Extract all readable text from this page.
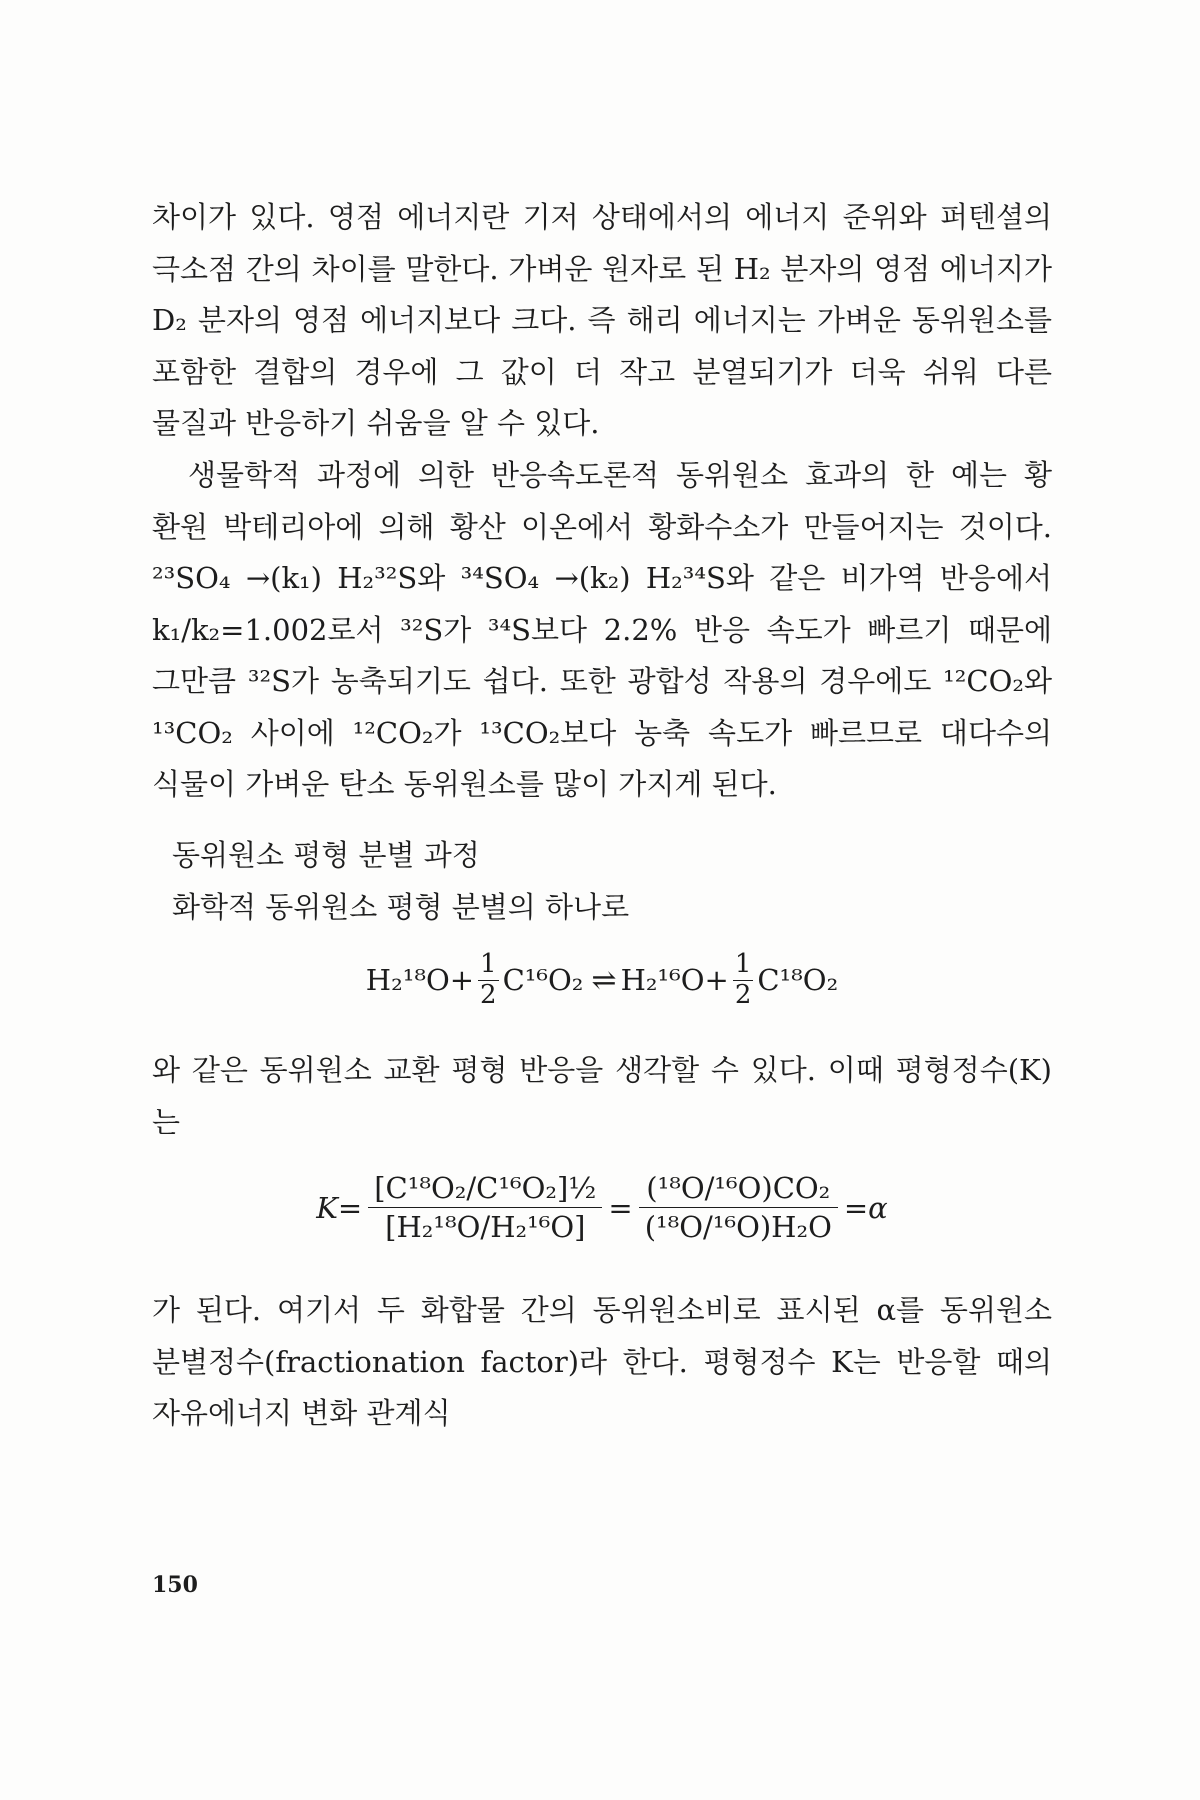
차이가 있다. 영점 에너지란 기저 상태에서의 에너지 준위와 퍼텐셜의 극소점 간의 차이를 말한다. 가벼운 원자로 된 H₂ 분자의 영점 에너지가 D₂ 분자의 영점 에너지보다 크다. 즉 해리 에너지는 가벼운 동위원소를 포함한 결합의 경우에 그 값이 더 작고 분열되기가 더욱 쉬워 다른 물질과 반응하기 쉬움을 알 수 있다.

생물학적 과정에 의한 반응속도론적 동위원소 효과의 한 예는 황 환원 박테리아에 의해 황산 이온에서 황화수소가 만들어지는 것이다. ²³SO₄ →(k₁) H₂³²S와 ³⁴SO₄ →(k₂) H₂³⁴S와 같은 비가역 반응에서 k₁/k₂=1.002로서 ³²S가 ³⁴S보다 2.2% 반응 속도가 빠르기 때문에 그만큼 ³²S가 농축되기도 쉽다. 또한 광합성 작용의 경우에도 ¹²CO₂와 ¹³CO₂ 사이에 ¹²CO₂가 ¹³CO₂보다 농축 속도가 빠르므로 대다수의 식물이 가벼운 탄소 동위원소를 많이 가지게 된다.

동위원소 평형 분별 과정
화학적 동위원소 평형 분별의 하나로
$H_2^{18}O+ \frac{1}{2} C^{16}O_2$ ⇌ $H_2^{16}O+ \frac{1}{2} C^{18}O_2$

와 같은 동위원소 교환 평형 반응을 생각할 수 있다. 이때 평형정수(K)는

$K= \frac{\text{[C¹⁸O₂/C¹⁶O₂]½}}{\text{[H₂¹⁸O/H₂¹⁶O]}} = \frac{\text{(¹⁸O/¹⁶O)CO₂}}{\text{(¹⁸O/¹⁶O)H₂O}} =\alpha$

가 된다. 여기서 두 화합물 간의 동위원소비로 표시된 α를 동위원소 분별정수(fractionation factor)라 한다. 평형정수 K는 반응할 때의 자유에너지 변화 관계식

150
